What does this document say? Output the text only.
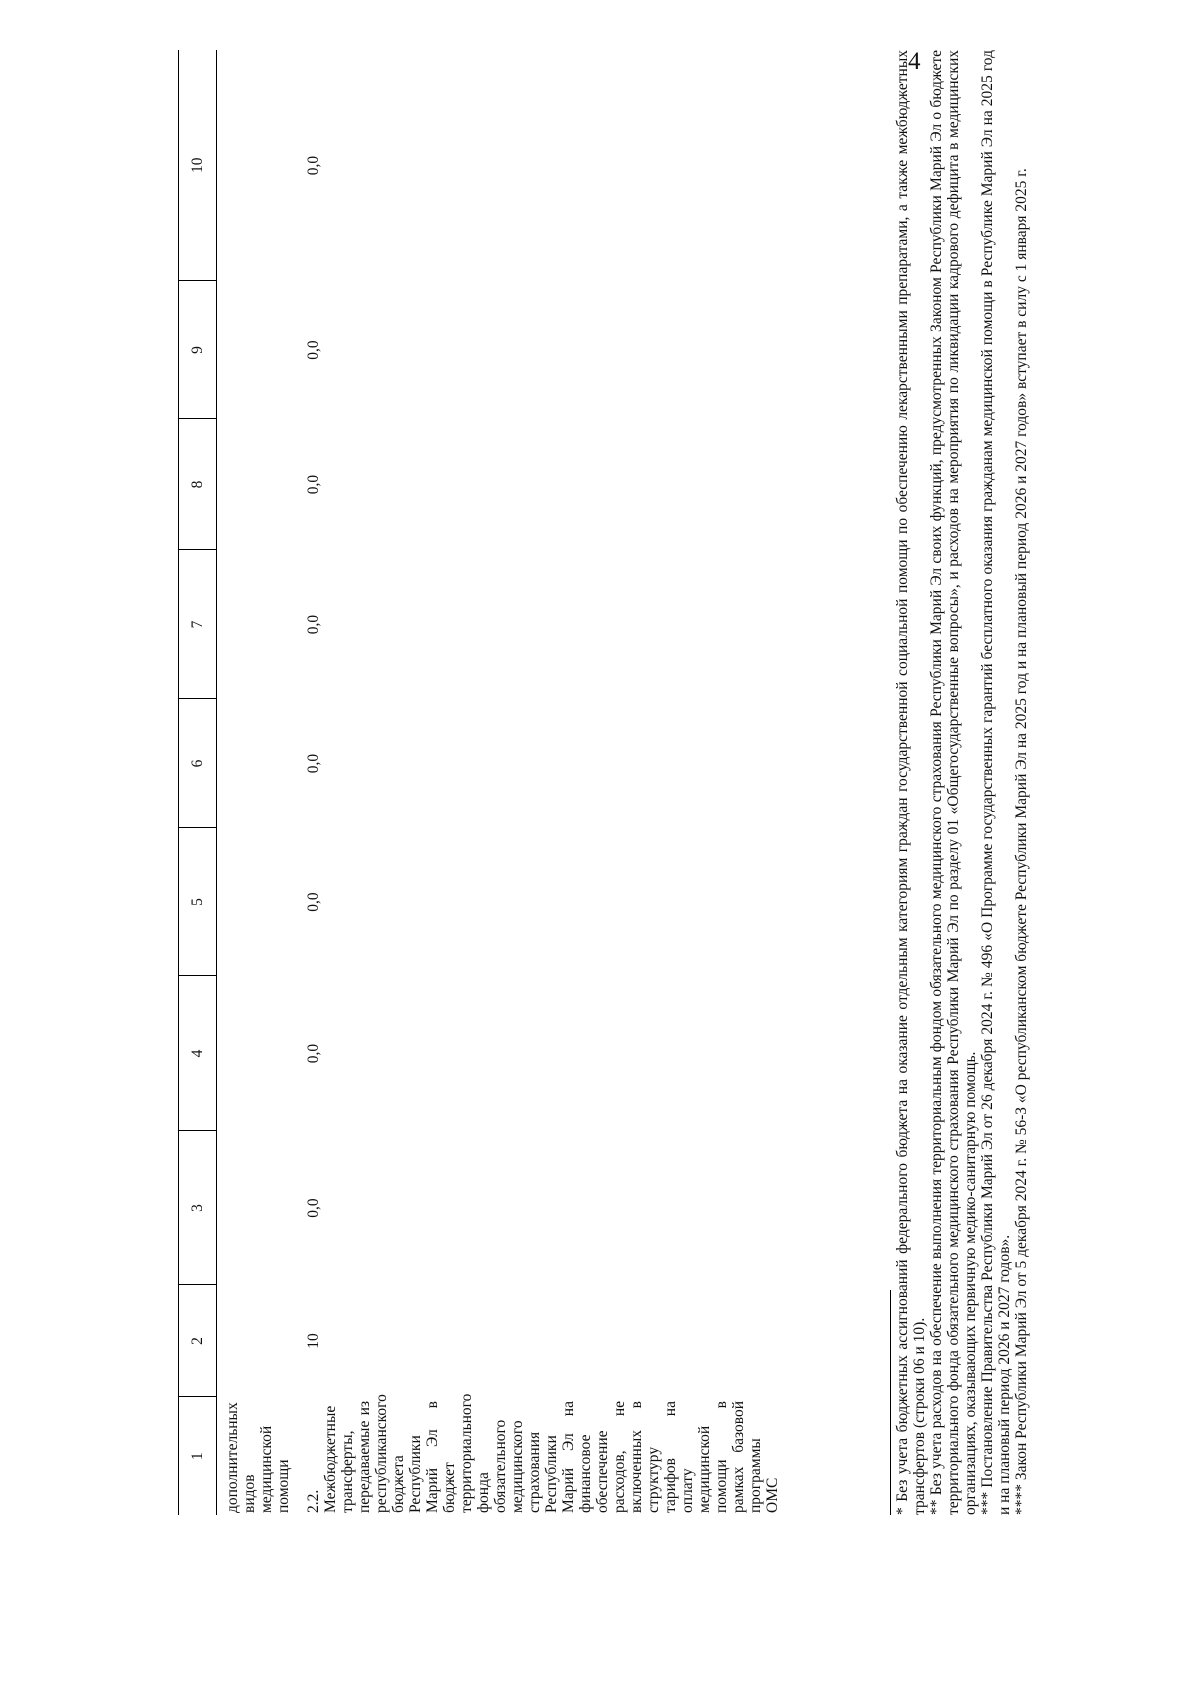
4
1	2	3	4	5	6	7	8	9	10
дополнительных видов медицинской помощи									
2.2. Межбюджетные трансферты, передаваемые из республиканского бюджета Республики Марий Эл в бюджет территориального фонда обязательного медицинского страхования Республики Марий Эл на финансовое обеспечение расходов, не включенных в структуру тарифов на оплату медицинской помощи в рамках базовой программы ОМС	10	0,0	0,0	0,0	0,0	0,0	0,0	0,0	0,0	* Без учета бюджетных ассигнований федерального бюджета на оказание отдельным категориям граждан государственной социальной помощи по обеспечению лекарственными препаратами, а также межбюджетных трансфертов (строки 06 и 10). ** Без учета расходов на обеспечение выполнения территориальным фондом обязательного медицинского страхования Республики Марий Эл своих функций, предусмотренных Законом Республики Марий Эл о бюджете территориального фонда обязательного медицинского страхования Республики Марий Эл по разделу 01 «Общегосударственные вопросы», и расходов на мероприятия по ликвидации кадрового дефицита в медицинских организациях, оказывающих первичную медико-санитарную помощь. *** Постановление Правительства Республики Марий Эл от 26 декабря 2024 г. № 496 «О Программе государственных гарантий бесплатного оказания гражданам медицинской помощи в Республике Марий Эл на 2025 год и на плановый период 2026 и 2027 годов». **** Закон Республики Марий Эл от 5 декабря 2024 г. № 56-З «О республиканском бюджете Республики Марий Эл на 2025 год и на плановый период 2026 и 2027 годов» вступает в силу с 1 января 2025 г.
